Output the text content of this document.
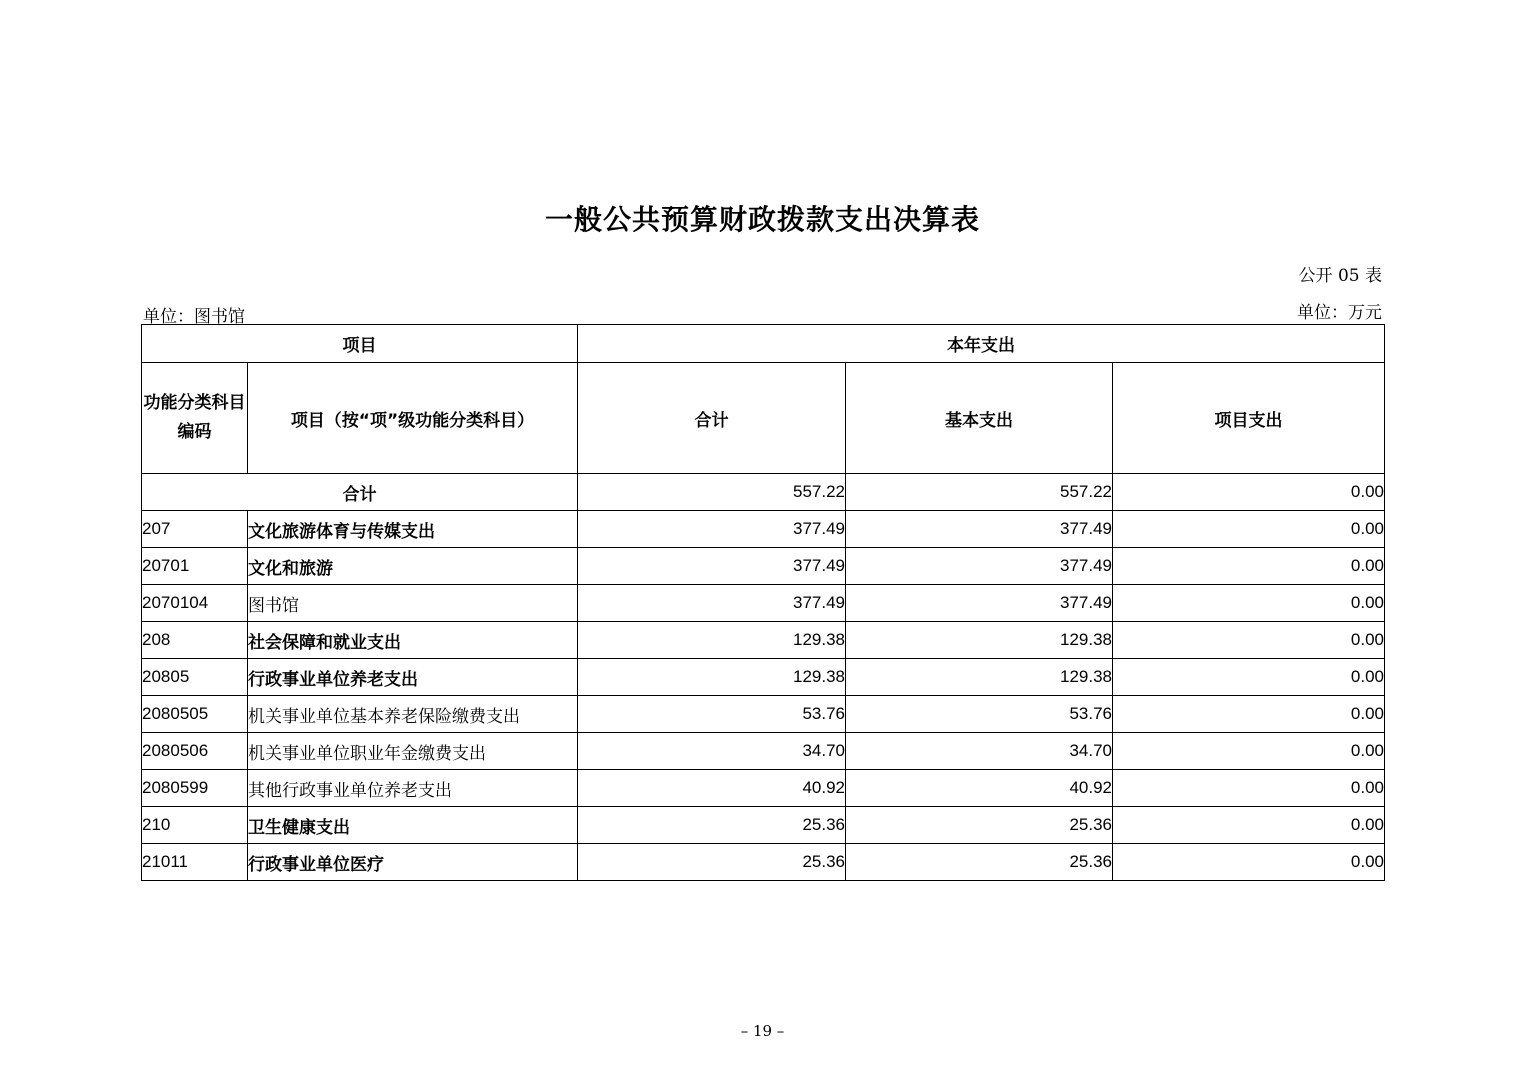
一般公共预算财政拨款支出决算表
公开 05 表
单位：图书馆	单位：万元
项目		本年支出		
功能分类科目编码	项目（按“项”级功能分类科目）	合计	基本支出	项目支出
合计		557.22	557.22	0.00
207	文化旅游体育与传媒支出	377.49	377.49	0.00
20701	文化和旅游	377.49	377.49	0.00
2070104	图书馆	377.49	377.49	0.00
208	社会保障和就业支出	129.38	129.38	0.00
20805	行政事业单位养老支出	129.38	129.38	0.00
2080505	机关事业单位基本养老保险缴费支出	53.76	53.76	0.00
2080506	机关事业单位职业年金缴费支出	34.70	34.70	0.00
2080599	其他行政事业单位养老支出	40.92	40.92	0.00
210	卫生健康支出	25.36	25.36	0.00
21011	行政事业单位医疗	25.36	25.36	0.00
– 19 –
